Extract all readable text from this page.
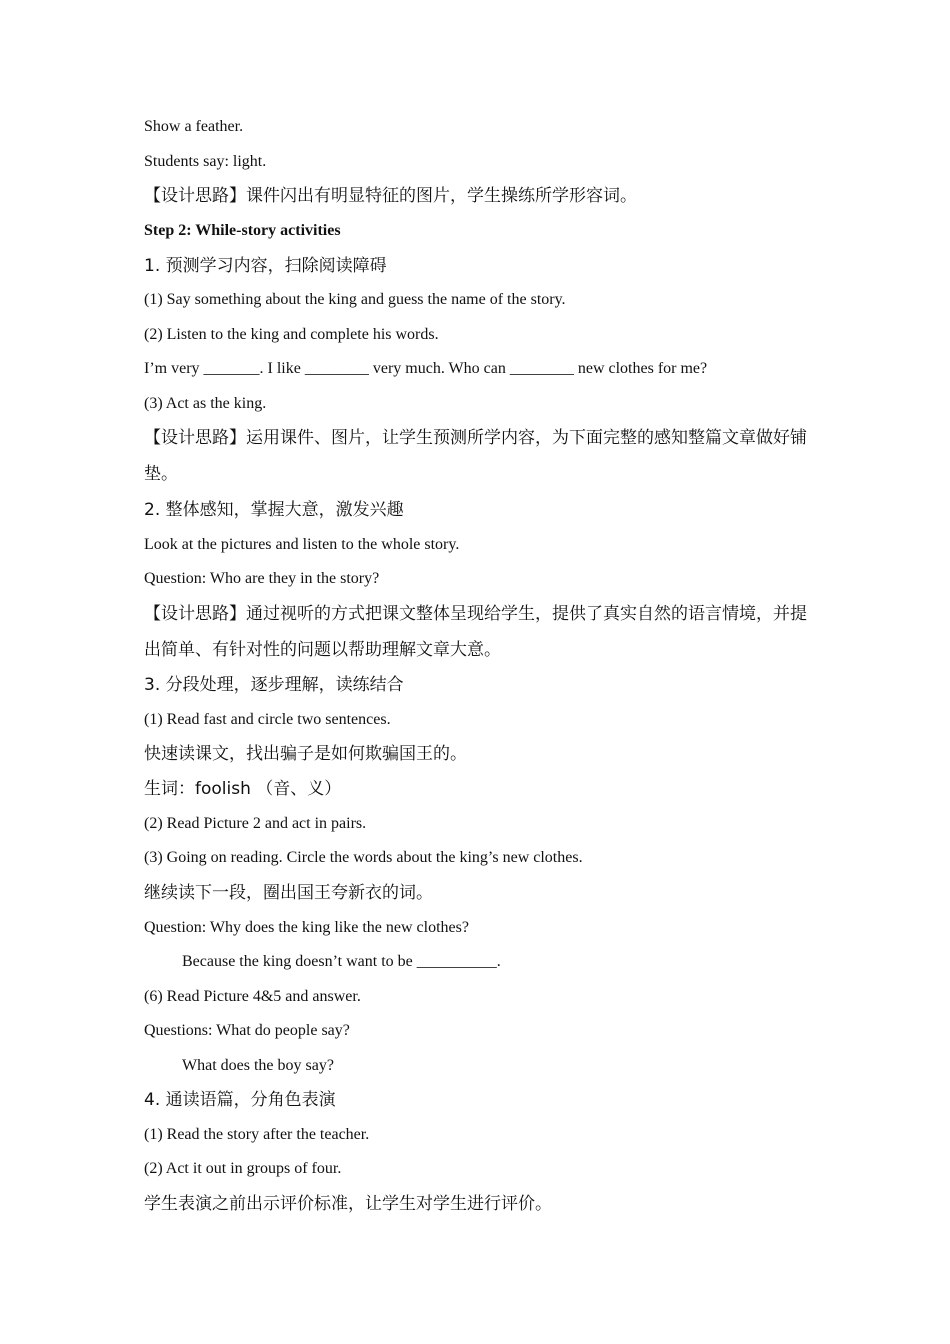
Show a feather.
Students say: light.
【设计思路】课件闪出有明显特征的图片，学生操练所学形容词。
Step 2: While-story activities
1. 预测学习内容，扫除阅读障碍
(1) Say something about the king and guess the name of the story.
(2) Listen to the king and complete his words.
I’m very _______. I like ________ very much. Who can ________ new clothes for me?
(3) Act as the king.
【设计思路】运用课件、图片，让学生预测所学内容，为下面完整的感知整篇文章做好铺垫。
2. 整体感知，掌握大意，激发兴趣
Look at the pictures and listen to the whole story.
Question: Who are they in the story?
【设计思路】通过视听的方式把课文整体呈现给学生，提供了真实自然的语言情境，并提出简单、有针对性的问题以帮助理解文章大意。
3. 分段处理，逐步理解，读练结合
(1) Read fast and circle two sentences.
快速读课文，找出骗子是如何欺骗国王的。
生词：foolish （音、义）
(2) Read Picture 2 and act in pairs.
(3) Going on reading. Circle the words about the king’s new clothes.
继续读下一段，圈出国王夸新衣的词。
Question: Why does the king like the new clothes?
Because the king doesn’t want to be __________.
(6) Read Picture 4&5 and answer.
Questions: What do people say?
What does the boy say?
4. 通读语篇，分角色表演
(1) Read the story after the teacher.
(2) Act it out in groups of four.
学生表演之前出示评价标准，让学生对学生进行评价。
